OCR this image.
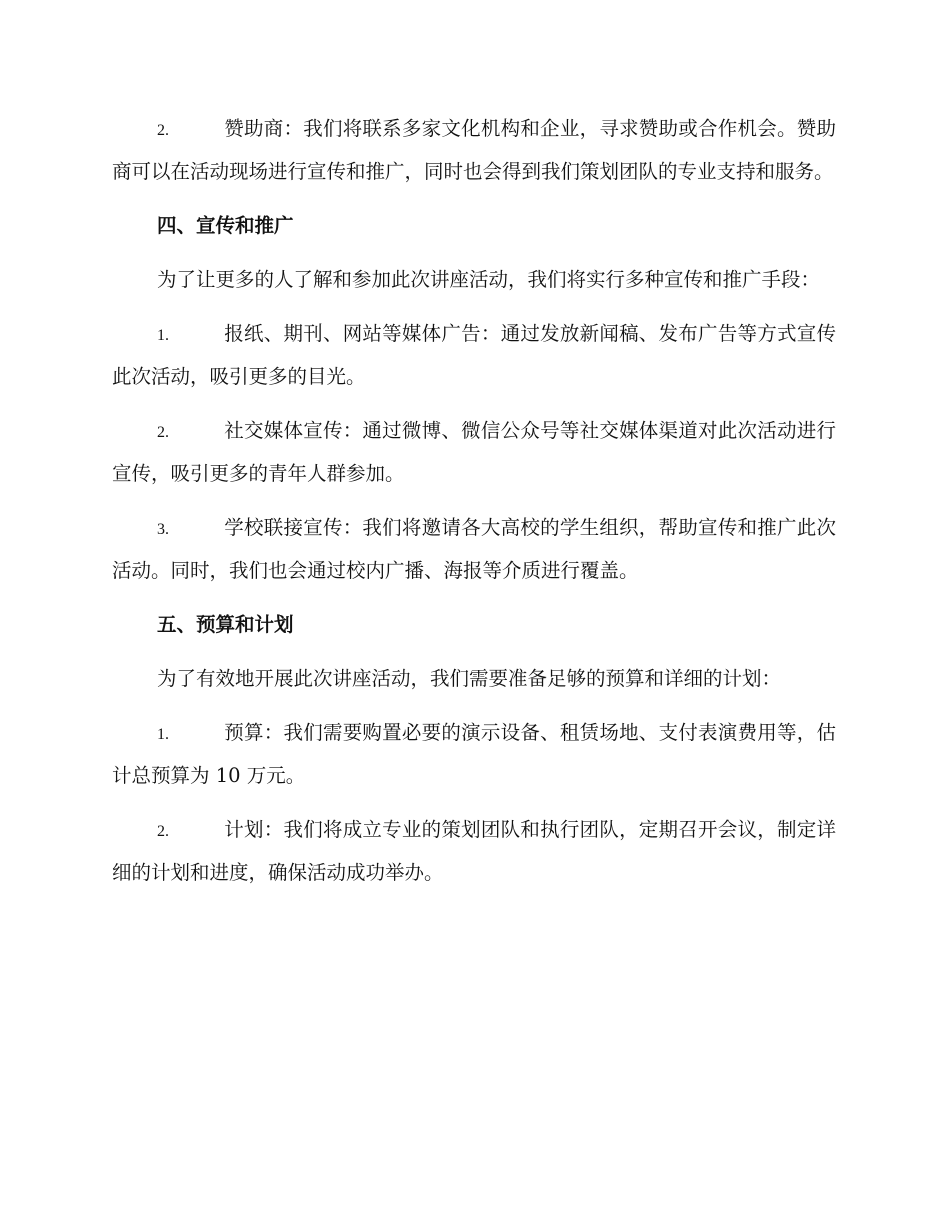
2.	赞助商：我们将联系多家文化机构和企业，寻求赞助或合作机会。赞助商可以在活动现场进行宣传和推广，同时也会得到我们策划团队的专业支持和服务。

四、宣传和推广

为了让更多的人了解和参加此次讲座活动，我们将实行多种宣传和推广手段：

1.	报纸、期刊、网站等媒体广告：通过发放新闻稿、发布广告等方式宣传此次活动，吸引更多的目光。

2.	社交媒体宣传：通过微博、微信公众号等社交媒体渠道对此次活动进行宣传，吸引更多的青年人群参加。

3.	学校联接宣传：我们将邀请各大高校的学生组织，帮助宣传和推广此次活动。同时，我们也会通过校内广播、海报等介质进行覆盖。

五、预算和计划

为了有效地开展此次讲座活动，我们需要准备足够的预算和详细的计划：

1.	预算：我们需要购置必要的演示设备、租赁场地、支付表演费用等，估计总预算为 10 万元。

2.	计划：我们将成立专业的策划团队和执行团队，定期召开会议，制定详细的计划和进度，确保活动成功举办。
